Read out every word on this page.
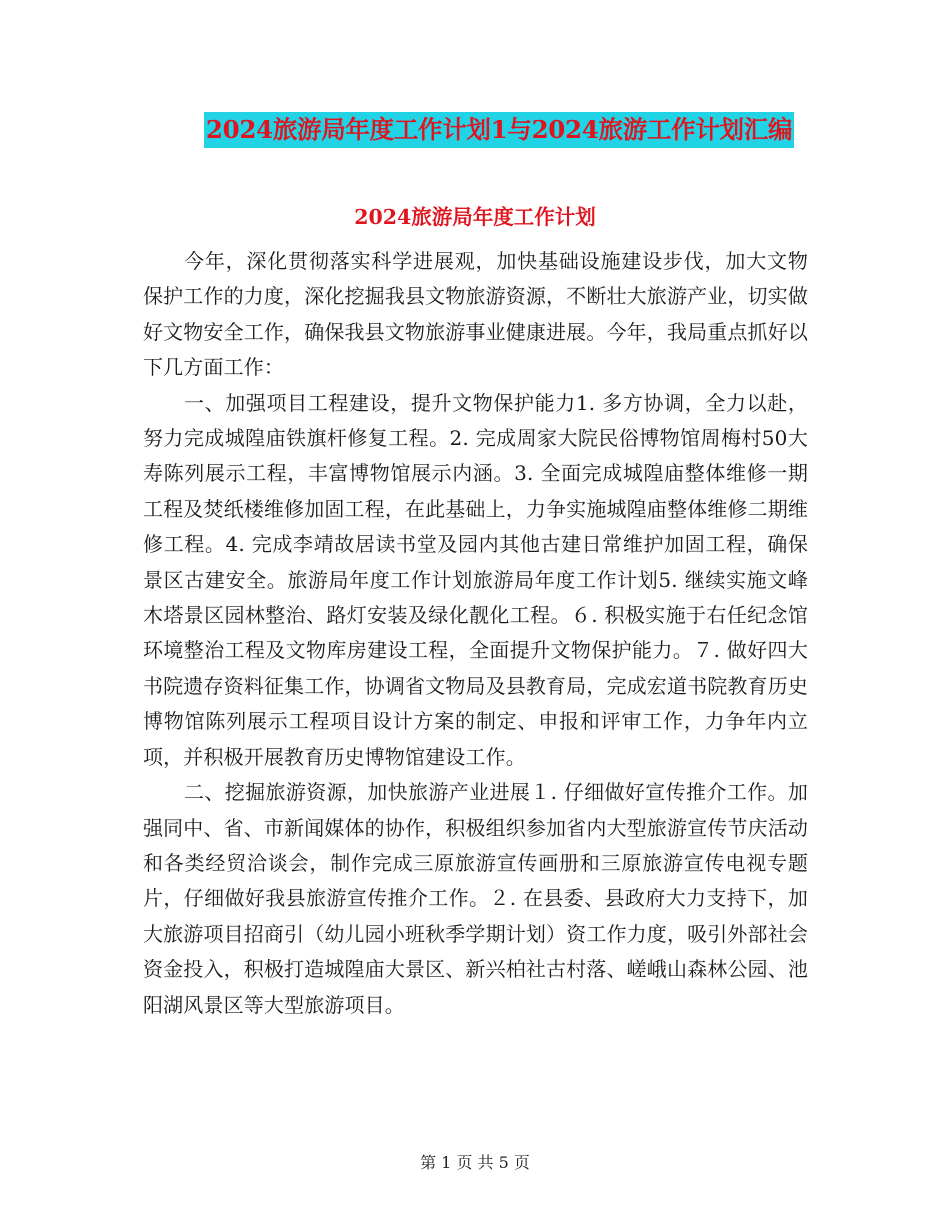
2024旅游局年度工作计划1与2024旅游工作计划汇编
2024旅游局年度工作计划

今年，深化贯彻落实科学进展观，加快基础设施建设步伐，加大文物保护工作的力度，深化挖掘我县文物旅游资源，不断壮大旅游产业，切实做好文物安全工作，确保我县文物旅游事业健康进展。今年，我局重点抓好以下几方面工作：

一、加强项目工程建设，提升文物保护能力1. 多方协调，全力以赴，努力完成城隍庙铁旗杆修复工程。2. 完成周家大院民俗博物馆周梅村50大寿陈列展示工程，丰富博物馆展示内涵。3. 全面完成城隍庙整体维修一期工程及焚纸楼维修加固工程，在此基础上，力争实施城隍庙整体维修二期维修工程。4. 完成李靖故居读书堂及园内其他古建日常维护加固工程，确保景区古建安全。旅游局年度工作计划旅游局年度工作计划5. 继续实施文峰木塔景区园林整治、路灯安装及绿化靓化工程。６. 积极实施于右任纪念馆环境整治工程及文物库房建设工程，全面提升文物保护能力。７. 做好四大书院遗存资料征集工作，协调省文物局及县教育局，完成宏道书院教育历史博物馆陈列展示工程项目设计方案的制定、申报和评审工作，力争年内立项，并积极开展教育历史博物馆建设工作。

二、挖掘旅游资源，加快旅游产业进展１. 仔细做好宣传推介工作。加强同中、省、市新闻媒体的协作，积极组织参加省内大型旅游宣传节庆活动和各类经贸洽谈会，制作完成三原旅游宣传画册和三原旅游宣传电视专题片，仔细做好我县旅游宣传推介工作。２. 在县委、县政府大力支持下，加大旅游项目招商引（幼儿园小班秋季学期计划）资工作力度，吸引外部社会资金投入，积极打造城隍庙大景区、新兴柏社古村落、嵯峨山森林公园、池阳湖风景区等大型旅游项目。

第 1 页 共 5 页
